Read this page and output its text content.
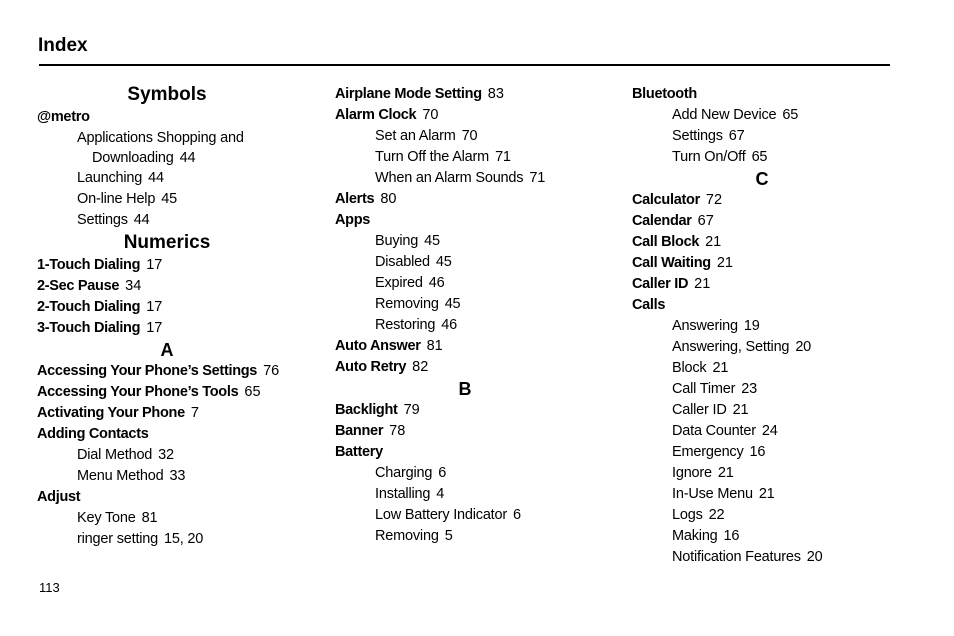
Index
Symbols
@metro
Applications Shopping and
Downloading 44
Launching 44
On-line Help 45
Settings 44
Numerics
1-Touch Dialing 17
2-Sec Pause 34
2-Touch Dialing 17
3-Touch Dialing 17
A
Accessing Your Phone’s Settings 76
Accessing Your Phone’s Tools 65
Activating Your Phone 7
Adding Contacts
Dial Method 32
Menu Method 33
Adjust
Key Tone 81
ringer setting 15, 20
Airplane Mode Setting 83
Alarm Clock 70
Set an Alarm 70
Turn Off the Alarm 71
When an Alarm Sounds 71
Alerts 80
Apps
Buying 45
Disabled 45
Expired 46
Removing 45
Restoring 46
Auto Answer 81
Auto Retry 82
B
Backlight 79
Banner 78
Battery
Charging 6
Installing 4
Low Battery Indicator 6
Removing 5
Bluetooth
Add New Device 65
Settings 67
Turn On/Off 65
C
Calculator 72
Calendar 67
Call Block 21
Call Waiting 21
Caller ID 21
Calls
Answering 19
Answering, Setting 20
Block 21
Call Timer 23
Caller ID 21
Data Counter 24
Emergency 16
Ignore 21
In-Use Menu 21
Logs 22
Making 16
Notification Features 20
113
